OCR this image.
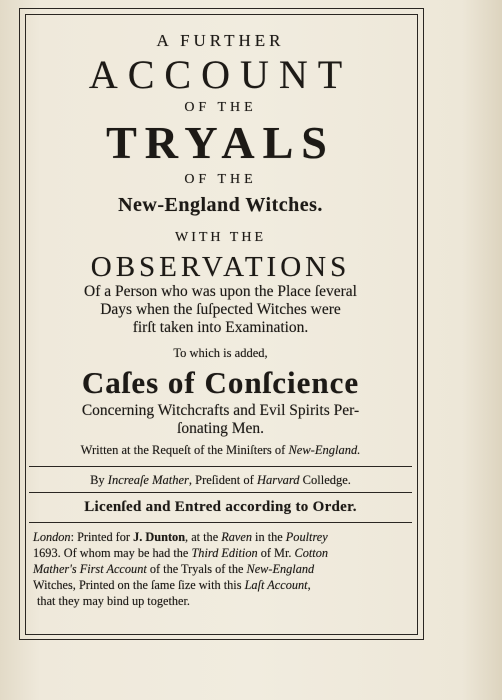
A FURTHER
ACCOUNT
OF THE
TRYALS
OF THE
New-England Witches.
WITH THE
OBSERVATIONS
Of a Person who was upon the Place ſeveral
Days when the ſuſpected Witches were
firſt taken into Examination.
To which is added,
Caſes of Conſcience
Concerning Witchcrafts and Evil Spirits Per-
ſonating Men.
Written at the Requeſt of the Miniſters of New-England.
By Increaſe Mather, Preſident of Harvard Colledge.
Licenſed and Entred according to Order.
London: Printed for J. Dunton, at the Raven in the Poultrey
1693. Of whom may be had the Third Edition of Mr. Cotton
Mather's First Account of the Tryals of the New-England
Witches, Printed on the ſame ſize with this Laſt Account,
that they may bind up together.
